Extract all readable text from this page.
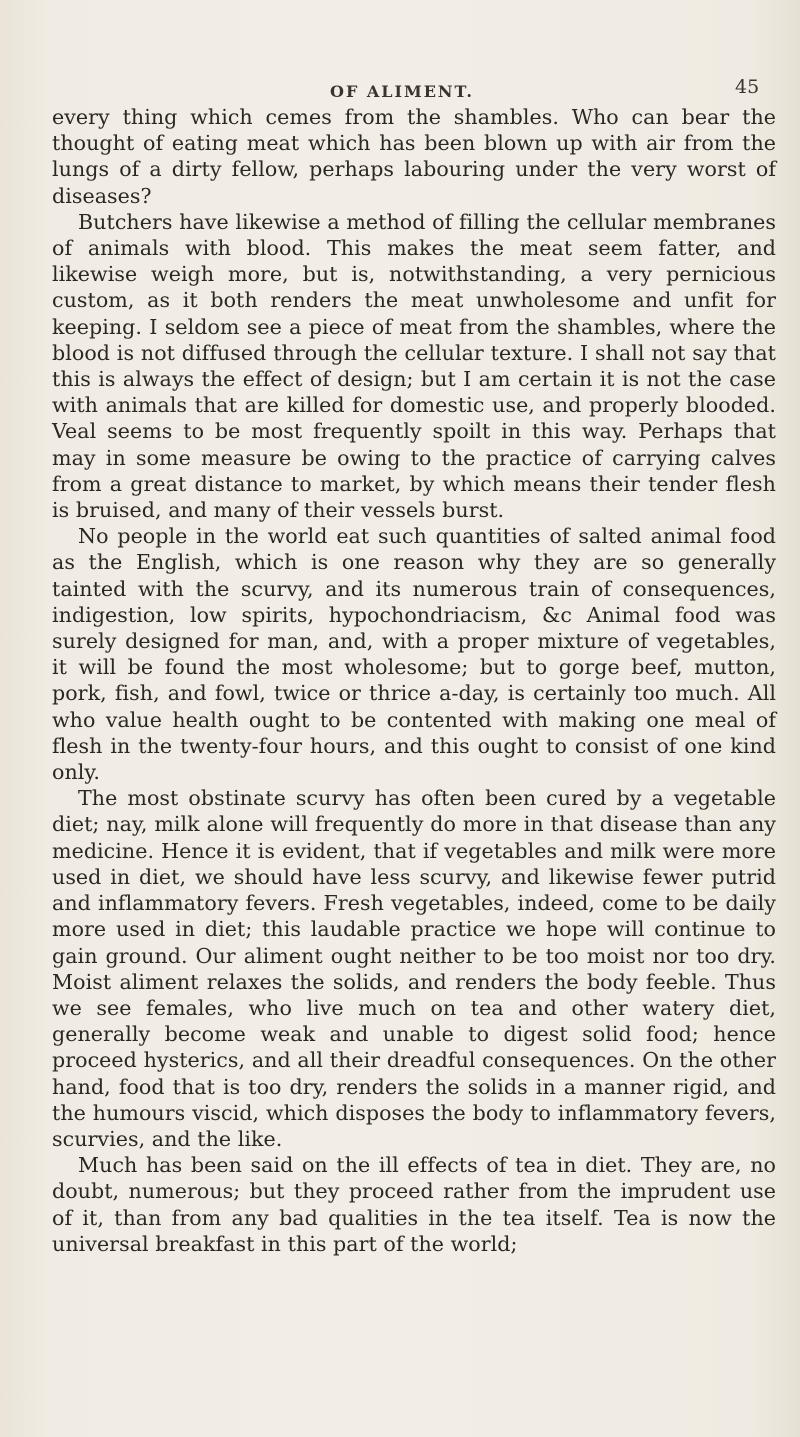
OF ALIMENT.	45

every thing which cemes from the shambles. Who can bear the thought of eating meat which has been blown up with air from the lungs of a dirty fellow, perhaps labouring under the very worst of diseases?

Butchers have likewise a method of filling the cellular membranes of animals with blood. This makes the meat seem fatter, and likewise weigh more, but is, notwithstanding, a very pernicious custom, as it both renders the meat unwholesome and unfit for keeping. I seldom see a piece of meat from the shambles, where the blood is not diffused through the cellular texture. I shall not say that this is always the effect of design; but I am certain it is not the case with animals that are killed for domestic use, and properly blooded. Veal seems to be most frequently spoilt in this way. Perhaps that may in some measure be owing to the practice of carrying calves from a great distance to market, by which means their tender flesh is bruised, and many of their vessels burst.

No people in the world eat such quantities of salted animal food as the English, which is one reason why they are so generally tainted with the scurvy, and its numerous train of consequences, indigestion, low spirits, hypochondriacism, &c Animal food was surely designed for man, and, with a proper mixture of vegetables, it will be found the most wholesome; but to gorge beef, mutton, pork, fish, and fowl, twice or thrice a-day, is certainly too much. All who value health ought to be contented with making one meal of flesh in the twenty-four hours, and this ought to consist of one kind only.

The most obstinate scurvy has often been cured by a vegetable diet; nay, milk alone will frequently do more in that disease than any medicine. Hence it is evident, that if vegetables and milk were more used in diet, we should have less scurvy, and likewise fewer putrid and inflammatory fevers. Fresh vegetables, indeed, come to be daily more used in diet; this laudable practice we hope will continue to gain ground. Our aliment ought neither to be too moist nor too dry. Moist aliment relaxes the solids, and renders the body feeble. Thus we see females, who live much on tea and other watery diet, generally become weak and unable to digest solid food; hence proceed hysterics, and all their dreadful consequences. On the other hand, food that is too dry, renders the solids in a manner rigid, and the humours viscid, which disposes the body to inflammatory fevers, scurvies, and the like.

Much has been said on the ill effects of tea in diet. They are, no doubt, numerous; but they proceed rather from the imprudent use of it, than from any bad qualities in the tea itself. Tea is now the universal breakfast in this part of the world;
